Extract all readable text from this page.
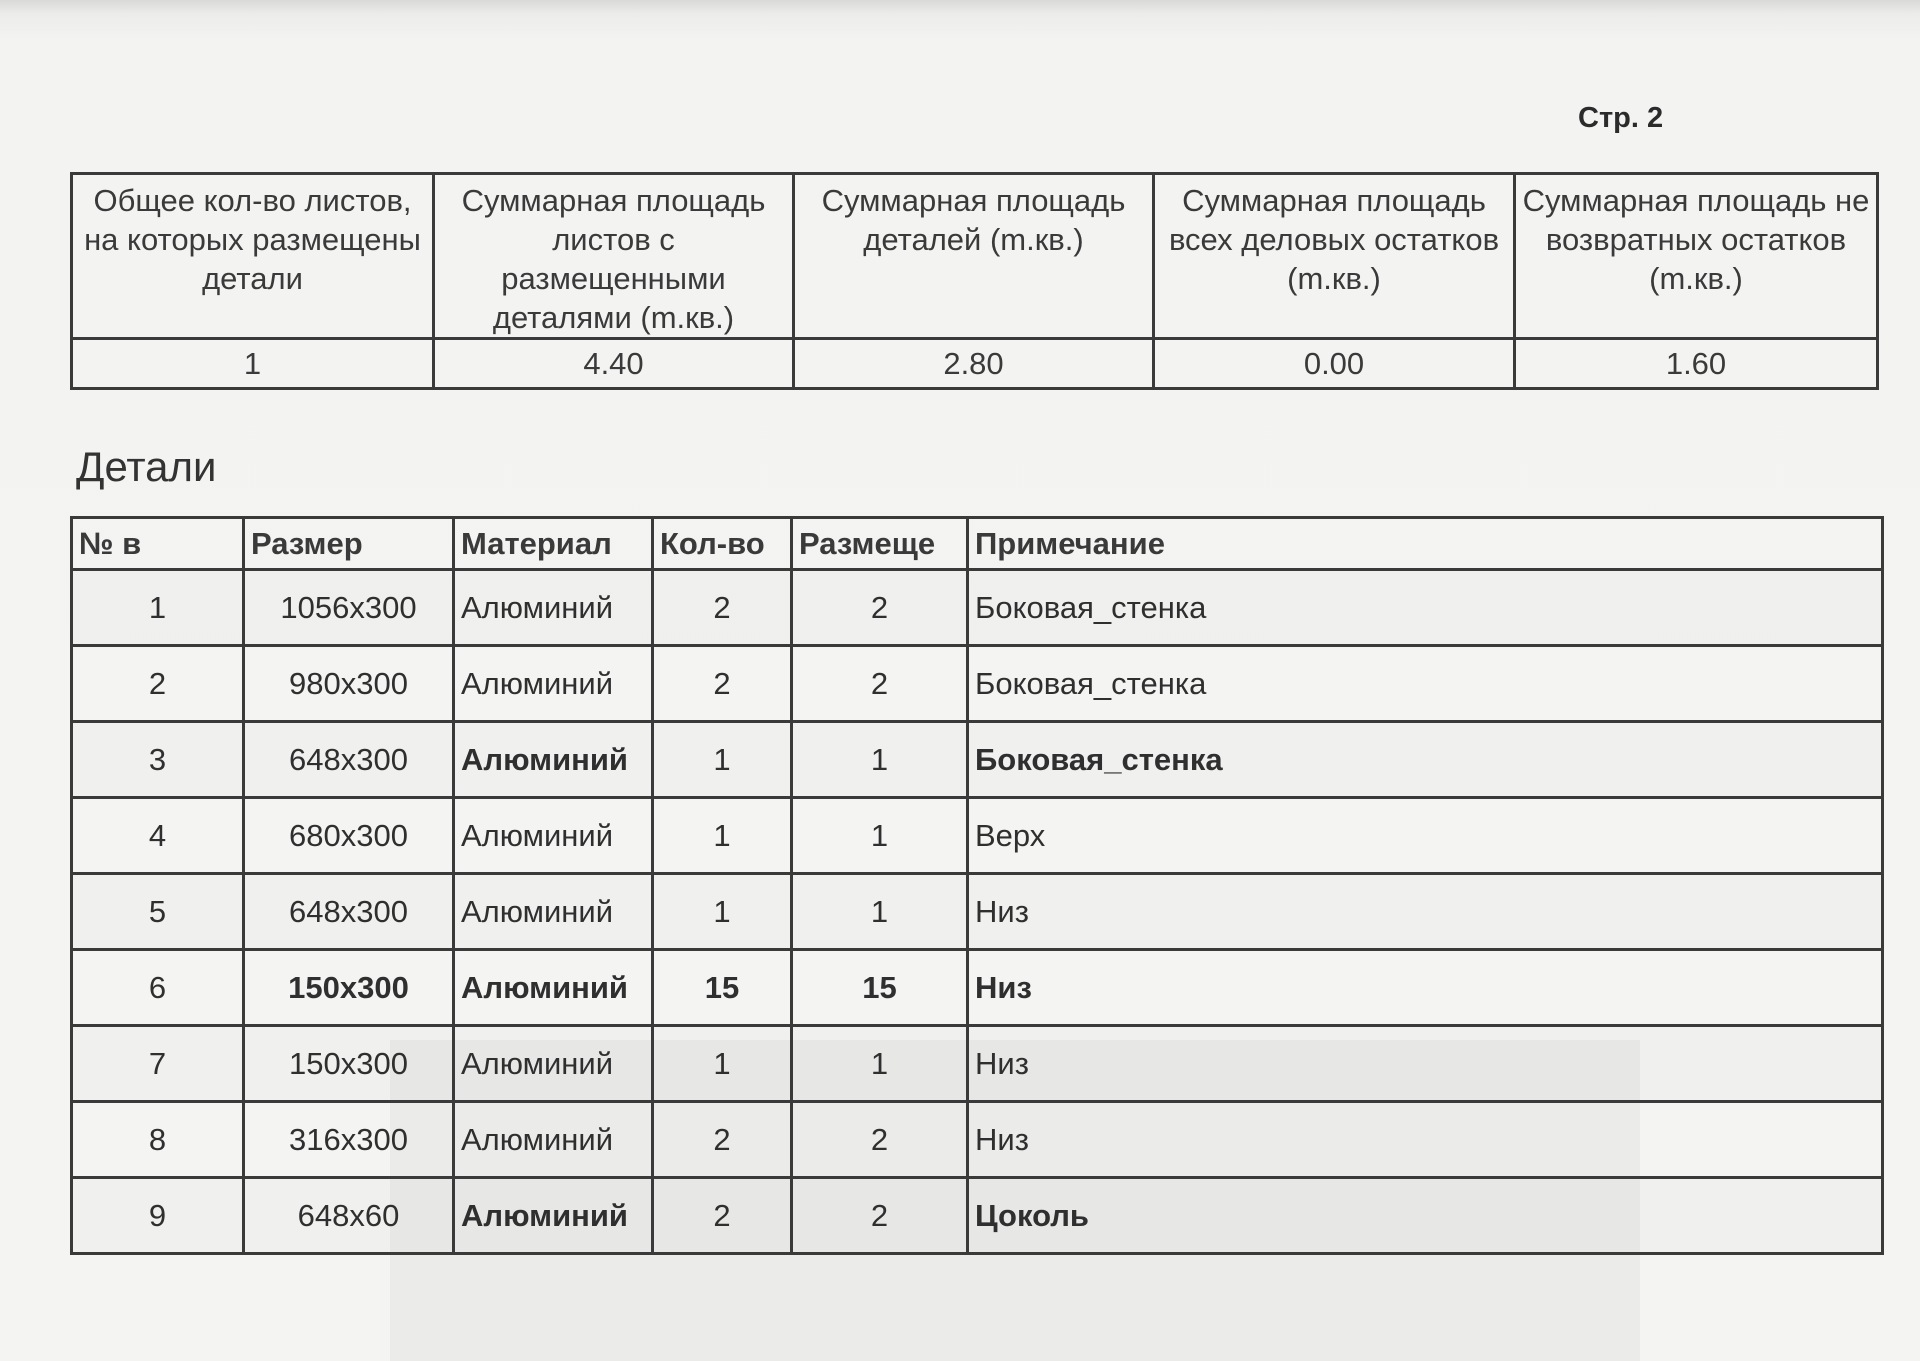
Стр. 2
Общее кол-во листов, на которых размещены детали	Суммарная площадь листов с размещенными деталями (m.кв.)	Суммарная площадь деталей (m.кв.)	Суммарная площадь всех деловых остатков (m.кв.)	Суммарная площадь не возвратных остатков (m.кв.)
1	4.40	2.80	0.00	1.60
Детали
№ в	Размер	Материал	Кол-во	Размеще	Примечание
1	1056x300	Алюминий	2	2	Боковая_стенка
2	980x300	Алюминий	2	2	Боковая_стенка
3	648x300	Алюминий	1	1	Боковая_стенка
4	680x300	Алюминий	1	1	Верх
5	648x300	Алюминий	1	1	Низ
6	150x300	Алюминий	15	15	Низ
7	150x300	Алюминий	1	1	Низ
8	316x300	Алюминий	2	2	Низ
9	648x60	Алюминий	2	2	Цоколь
